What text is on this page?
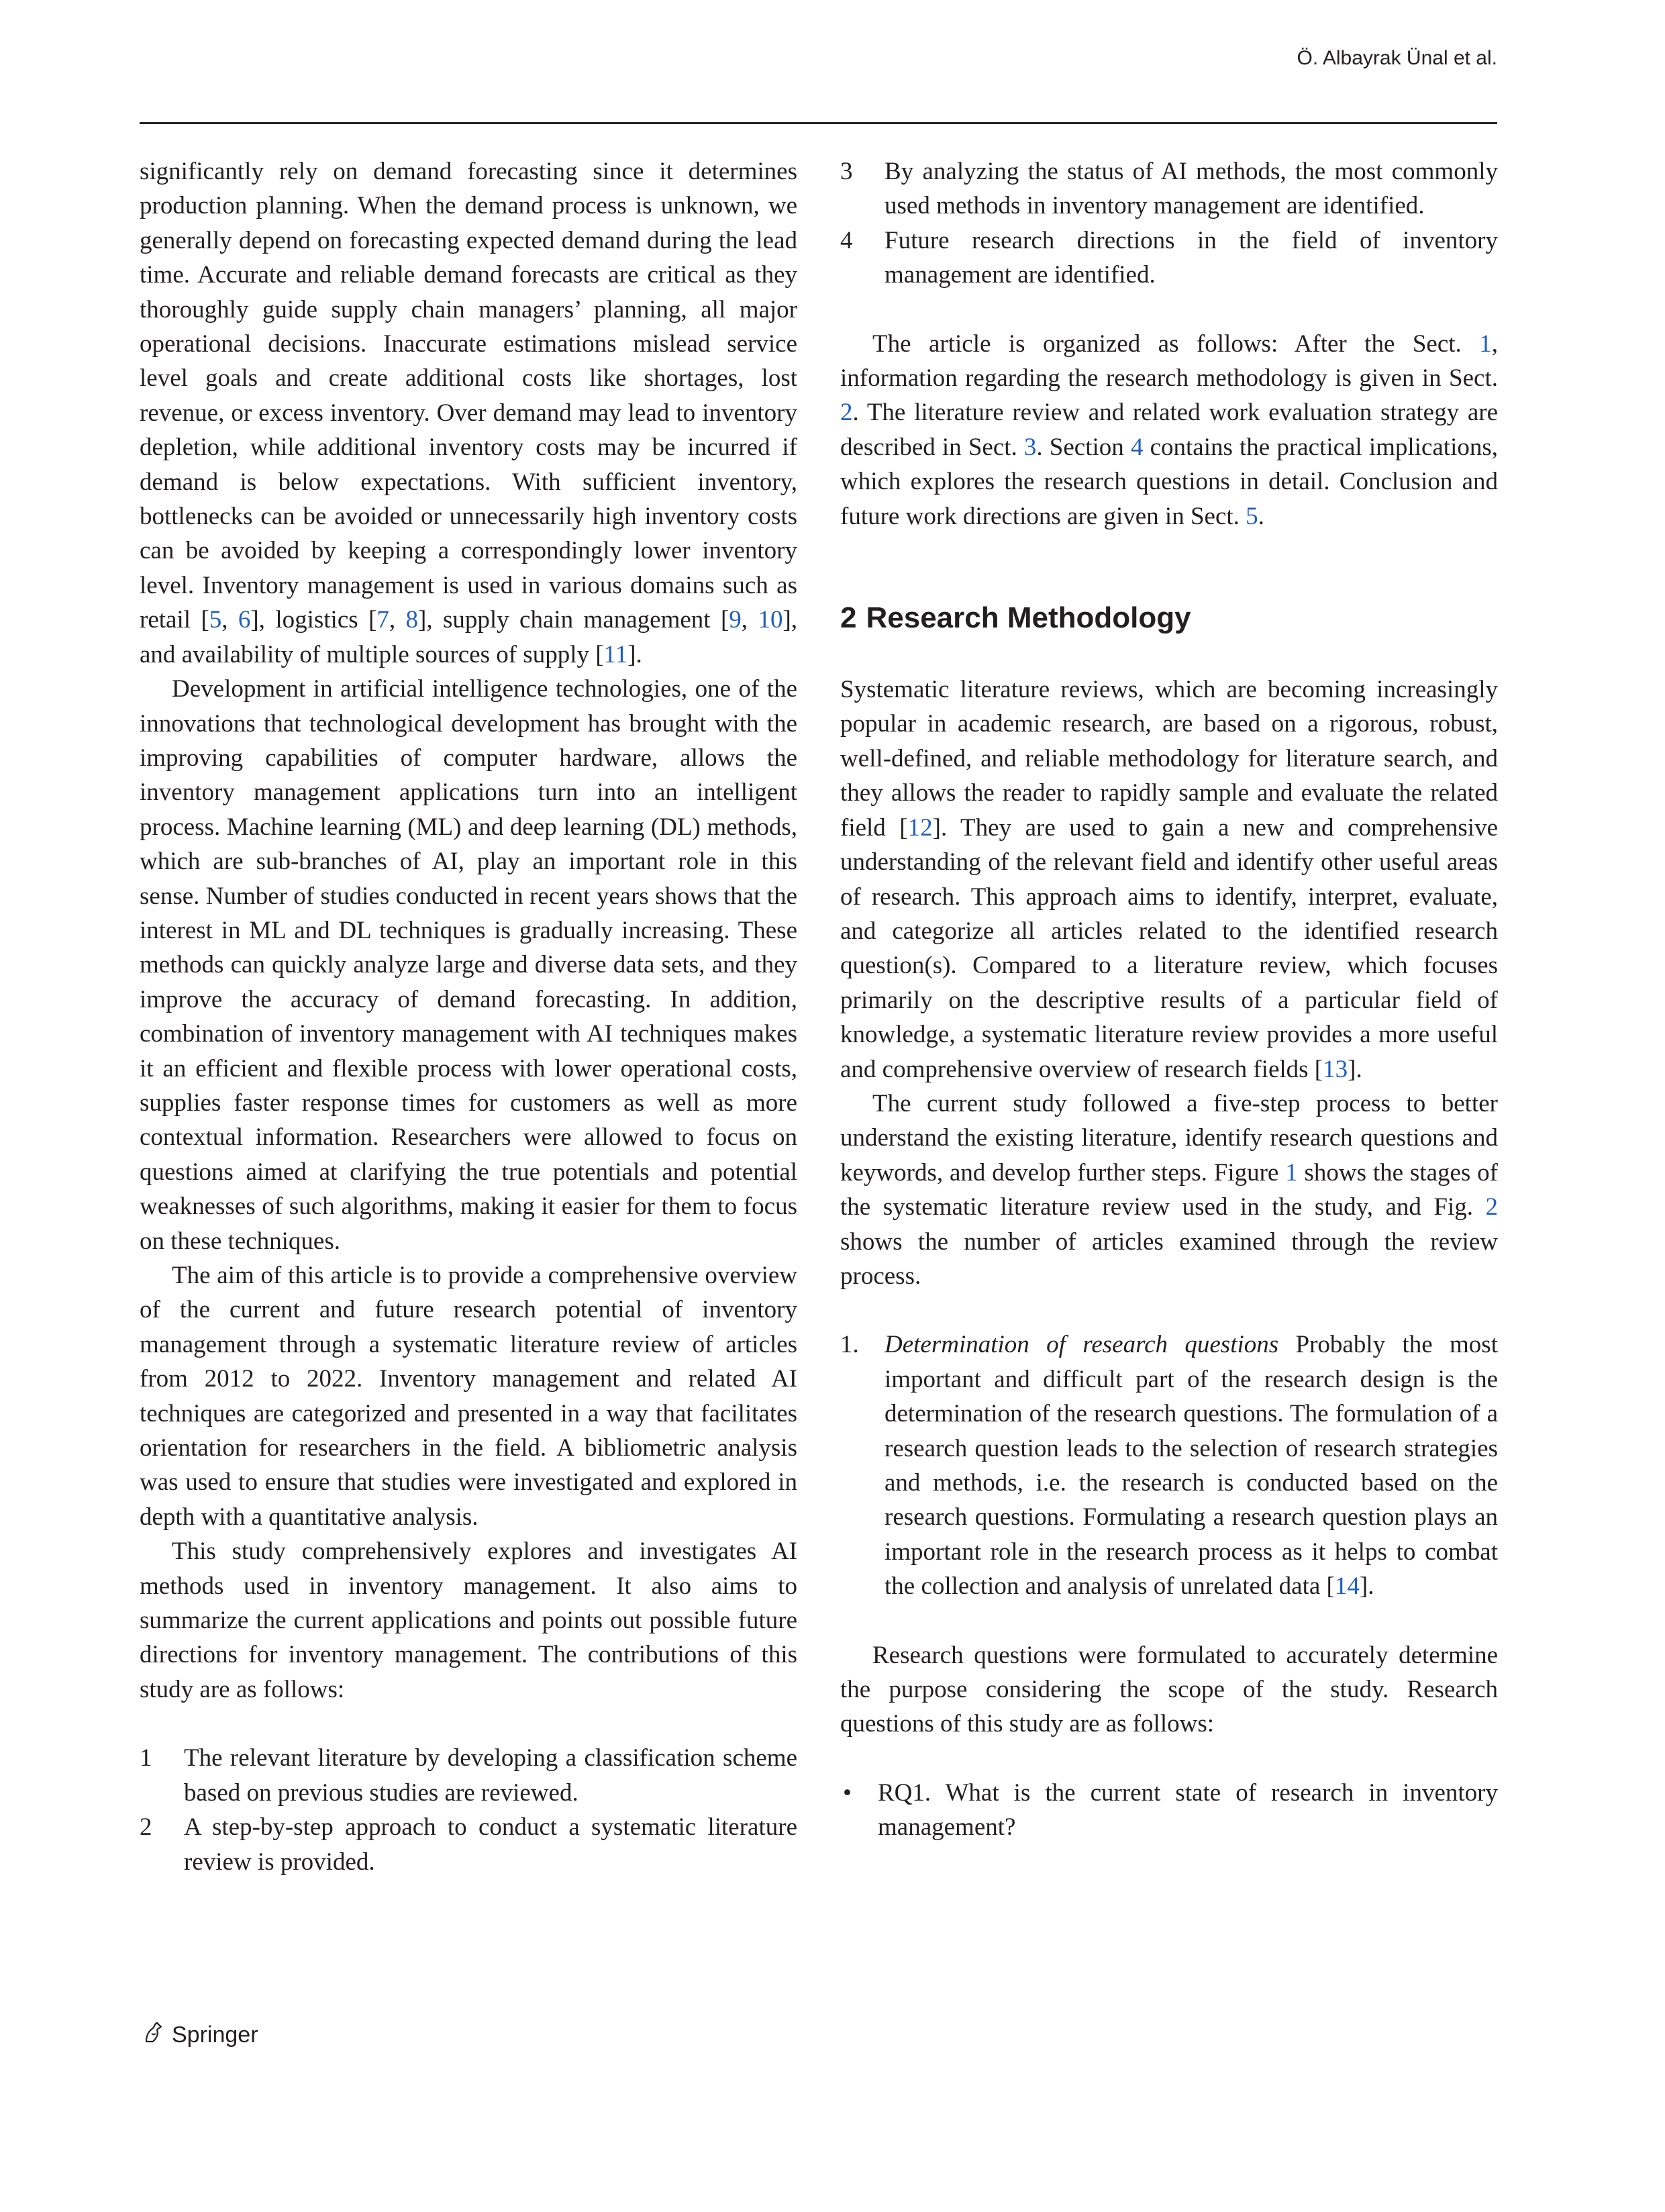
Ö. Albayrak Ünal et al.

significantly rely on demand forecasting since it determines production planning. When the demand process is unknown, we generally depend on forecasting expected demand during the lead time. Accurate and reliable demand forecasts are critical as they thoroughly guide supply chain managers’ planning, all major operational decisions. Inaccurate estimations mislead service level goals and create additional costs like shortages, lost revenue, or excess inventory. Over demand may lead to inventory depletion, while additional inventory costs may be incurred if demand is below expectations. With sufficient inventory, bottlenecks can be avoided or unnecessarily high inventory costs can be avoided by keeping a correspondingly lower inventory level. Inventory management is used in various domains such as retail [5, 6], logistics [7, 8], supply chain management [9, 10], and availability of multiple sources of supply [11].

Development in artificial intelligence technologies, one of the innovations that technological development has brought with the improving capabilities of computer hardware, allows the inventory management applications turn into an intelligent process. Machine learning (ML) and deep learning (DL) methods, which are sub-branches of AI, play an important role in this sense. Number of studies conducted in recent years shows that the interest in ML and DL techniques is gradually increasing. These methods can quickly analyze large and diverse data sets, and they improve the accuracy of demand forecasting. In addition, combination of inventory management with AI techniques makes it an efficient and flexible process with lower operational costs, supplies faster response times for customers as well as more contextual information. Researchers were allowed to focus on questions aimed at clarifying the true potentials and potential weaknesses of such algorithms, making it easier for them to focus on these techniques.

The aim of this article is to provide a comprehensive overview of the current and future research potential of inventory management through a systematic literature review of articles from 2012 to 2022. Inventory management and related AI techniques are categorized and presented in a way that facilitates orientation for researchers in the field. A bibliometric analysis was used to ensure that studies were investigated and explored in depth with a quantitative analysis.

This study comprehensively explores and investigates AI methods used in inventory management. It also aims to summarize the current applications and points out possible future directions for inventory management. The contributions of this study are as follows:

1 The relevant literature by developing a classification scheme based on previous studies are reviewed.
2 A step-by-step approach to conduct a systematic literature review is provided.
3 By analyzing the status of AI methods, the most commonly used methods in inventory management are identified.
4 Future research directions in the field of inventory management are identified.

The article is organized as follows: After the Sect. 1, information regarding the research methodology is given in Sect. 2. The literature review and related work evaluation strategy are described in Sect. 3. Section 4 contains the practical implications, which explores the research questions in detail. Conclusion and future work directions are given in Sect. 5.

2 Research Methodology

Systematic literature reviews, which are becoming increasingly popular in academic research, are based on a rigorous, robust, well-defined, and reliable methodology for literature search, and they allows the reader to rapidly sample and evaluate the related field [12]. They are used to gain a new and comprehensive understanding of the relevant field and identify other useful areas of research. This approach aims to identify, interpret, evaluate, and categorize all articles related to the identified research question(s). Compared to a literature review, which focuses primarily on the descriptive results of a particular field of knowledge, a systematic literature review provides a more useful and comprehensive overview of research fields [13].

The current study followed a five-step process to better understand the existing literature, identify research questions and keywords, and develop further steps. Figure 1 shows the stages of the systematic literature review used in the study, and Fig. 2 shows the number of articles examined through the review process.

1. Determination of research questions Probably the most important and difficult part of the research design is the determination of the research questions. The formulation of a research question leads to the selection of research strategies and methods, i.e. the research is conducted based on the research questions. Formulating a research question plays an important role in the research process as it helps to combat the collection and analysis of unrelated data [14].

Research questions were formulated to accurately determine the purpose considering the scope of the study. Research questions of this study are as follows:

• RQ1. What is the current state of research in inventory management?
Springer
